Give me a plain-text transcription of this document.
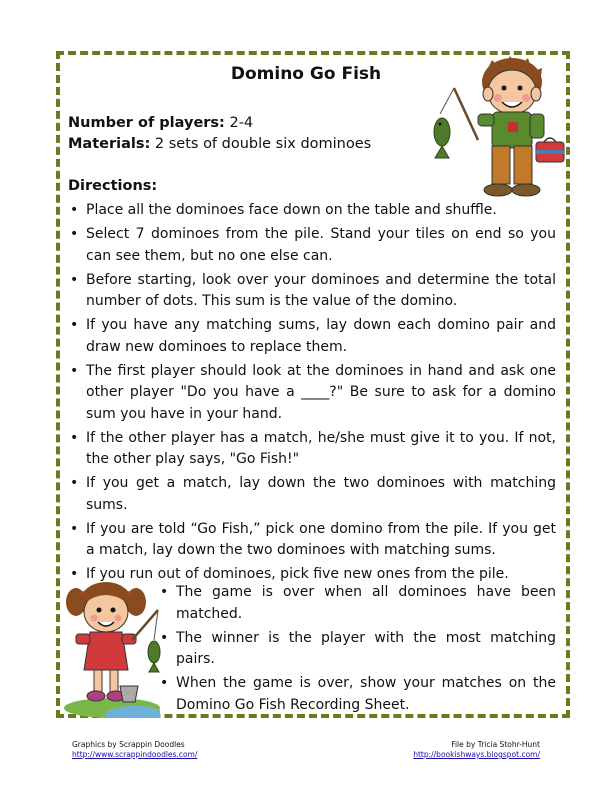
Domino Go Fish
Number of players: 2-4
Materials: 2 sets of double six dominoes
Directions:
• Place all the dominoes face down on the table and shuffle.
• Select 7 dominoes from the pile. Stand your tiles on end so you can see them, but no one else can.
• Before starting, look over your dominoes and determine the total number of dots. This sum is the value of the domino.
• If you have any matching sums, lay down each domino pair and draw new dominoes to replace them.
• The first player should look at the dominoes in hand and ask one other player "Do you have a ____?" Be sure to ask for a domino sum you have in your hand.
• If the other player has a match, he/she must give it to you. If not, the other play says, "Go Fish!"
• If you get a match, lay down the two dominoes with matching sums.
• If you are told “Go Fish,” pick one domino from the pile. If you get a match, lay down the two dominoes with matching sums.
• If you run out of dominoes, pick five new ones from the pile.
• The game is over when all dominoes have been matched.
• The winner is the player with the most matching pairs.
• When the game is over, show your matches on the Domino Go Fish Recording Sheet.
Graphics by Scrappin Doodles
http://www.scrappindoodles.com/
File by Tricia Stohr-Hunt
http://bookishways.blogspot.com/
